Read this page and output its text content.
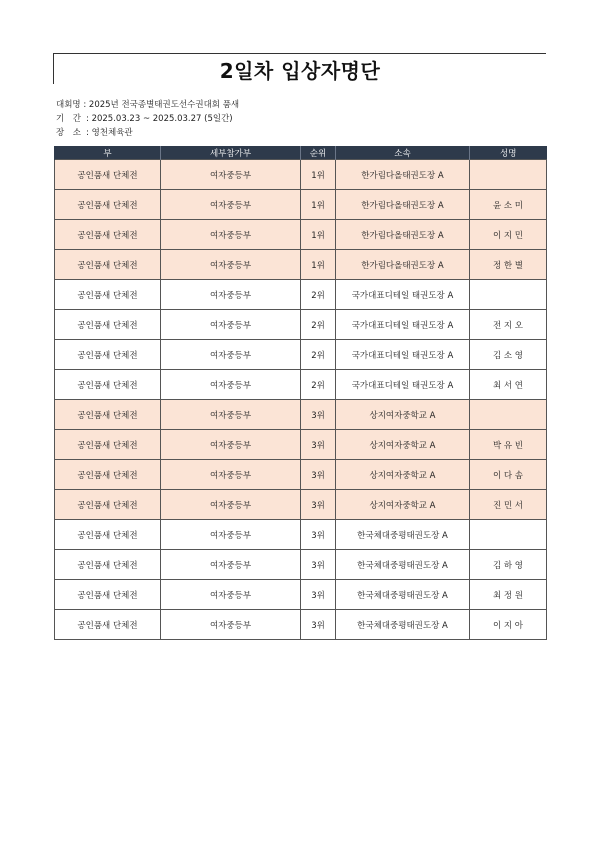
2일차 입상자명단
대회명 : 2025년 전국종별태권도선수권대회 품새
기　간 : 2025.03.23 ~ 2025.03.27 (5일간)
장　소 : 영천체육관
부	세부참가부	순위	소속	성명
공인품새 단체전	여자중등부	1위	한가림다올태권도장 A	
공인품새 단체전	여자중등부	1위	한가림다올태권도장 A	윤 소 미
공인품새 단체전	여자중등부	1위	한가림다올태권도장 A	이 지 민
공인품새 단체전	여자중등부	1위	한가림다올태권도장 A	정 한 별
공인품새 단체전	여자중등부	2위	국가대표디테일 태권도장 A	
공인품새 단체전	여자중등부	2위	국가대표디테일 태권도장 A	전 지 오
공인품새 단체전	여자중등부	2위	국가대표디테일 태권도장 A	김 소 영
공인품새 단체전	여자중등부	2위	국가대표디테일 태권도장 A	최 서 연
공인품새 단체전	여자중등부	3위	상지여자중학교 A	
공인품새 단체전	여자중등부	3위	상지여자중학교 A	박 유 빈
공인품새 단체전	여자중등부	3위	상지여자중학교 A	이 다 솜
공인품새 단체전	여자중등부	3위	상지여자중학교 A	진 민 서
공인품새 단체전	여자중등부	3위	한국체대중평태권도장 A	
공인품새 단체전	여자중등부	3위	한국체대중평태권도장 A	김 하 영
공인품새 단체전	여자중등부	3위	한국체대중평태권도장 A	최 정 원
공인품새 단체전	여자중등부	3위	한국체대중평태권도장 A	이 지 아
